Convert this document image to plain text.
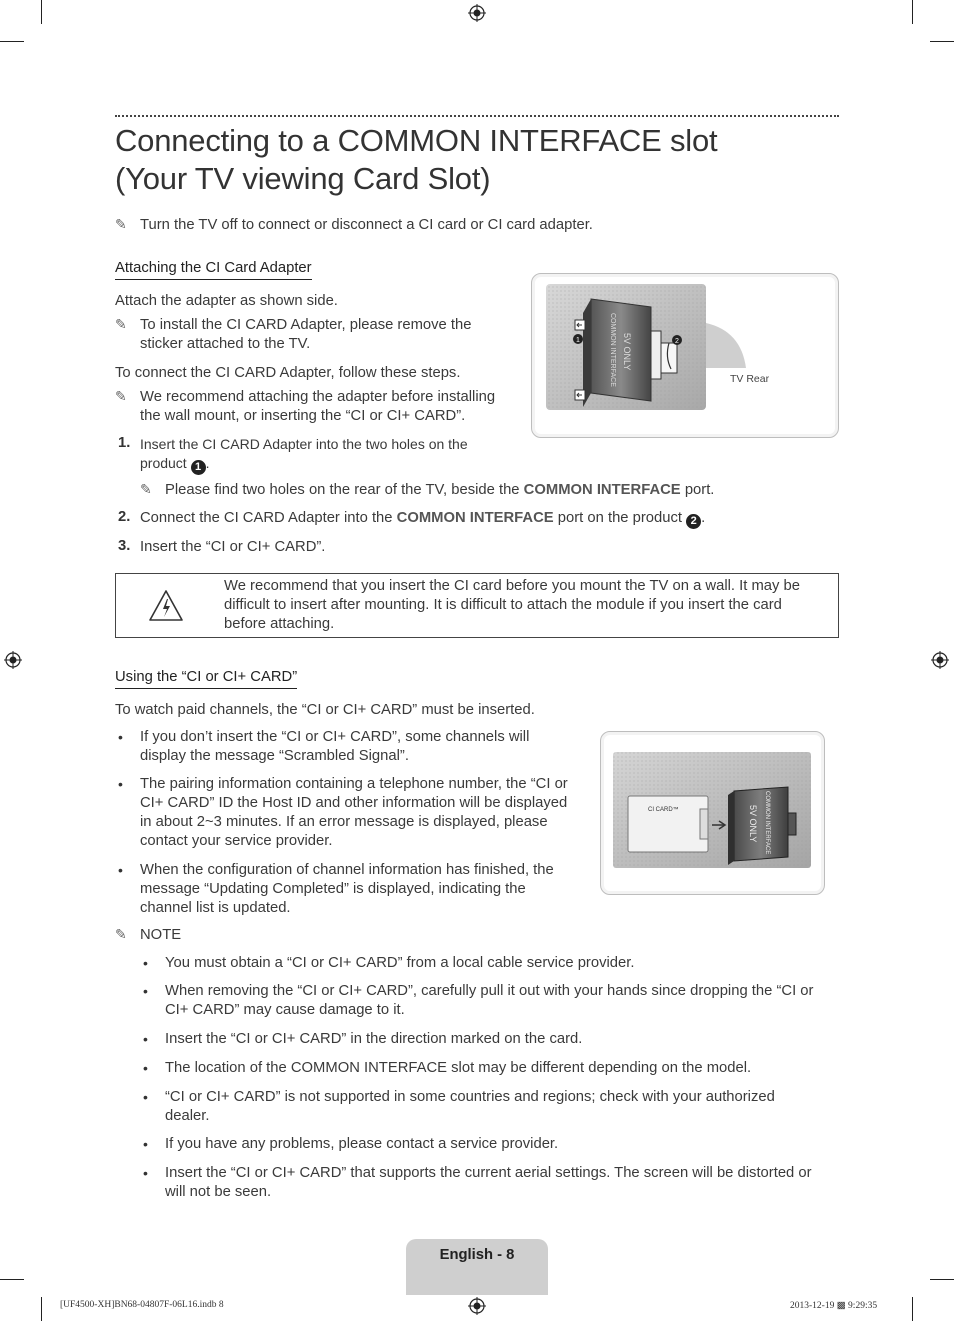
Connecting to a COMMON INTERFACE slot
(Your TV viewing Card Slot)
✎ Turn the TV off to connect or disconnect a CI card or CI card adapter.
Attaching the CI Card Adapter
Attach the adapter as shown side.
✎ To install the CI CARD Adapter, please remove the
sticker attached to the TV.
To connect the CI CARD Adapter, follow these steps.
✎ We recommend attaching the adapter before installing
the wall mount, or inserting the “CI or CI+ CARD”.
1. Insert the CI CARD Adapter into the two holes on the
product 1 .
✎ Please find two holes on the rear of the TV, beside the COMMON INTERFACE port.
2. Connect the CI CARD Adapter into the COMMON INTERFACE port on the product 2 .
3. Insert the “CI or CI+ CARD”.
COMMON INTERFACE 5V ONLY
1	2
TV Rear
We recommend that you insert the CI card before you mount the TV on a wall. It may be
difficult to insert after mounting. It is difficult to attach the module if you insert the card
before attaching.
Using the “CI or CI+ CARD”
To watch paid channels, the “CI or CI+ CARD” must be inserted.
• If you don’t insert the “CI or CI+ CARD”, some channels will
display the message “Scrambled Signal”.
• The pairing information containing a telephone number, the “CI or
CI+ CARD” ID the Host ID and other information will be displayed
in about 2~3 minutes. If an error message is displayed, please
contact your service provider.
• When the configuration of channel information has finished, the
message “Updating Completed” is displayed, indicating the
channel list is updated.
CI CARD™	COMMON INTERFACE
5V ONLY
✎ NOTE
• You must obtain a “CI or CI+ CARD” from a local cable service provider.
• When removing the “CI or CI+ CARD”, carefully pull it out with your hands since dropping the “CI or
CI+ CARD” may cause damage to it.
• Insert the “CI or CI+ CARD” in the direction marked on the card.
• The location of the COMMON INTERFACE slot may be different depending on the model.
• “CI or CI+ CARD” is not supported in some countries and regions; check with your authorized
dealer.
• If you have any problems, please contact a service provider.
• Insert the “CI or CI+ CARD” that supports the current aerial settings. The screen will be distorted or
will not be seen.
English - 8
[UF4500-XH]BN68-04807F-06L16.indb 8	2013-12-19 ▩ 9:29:35
